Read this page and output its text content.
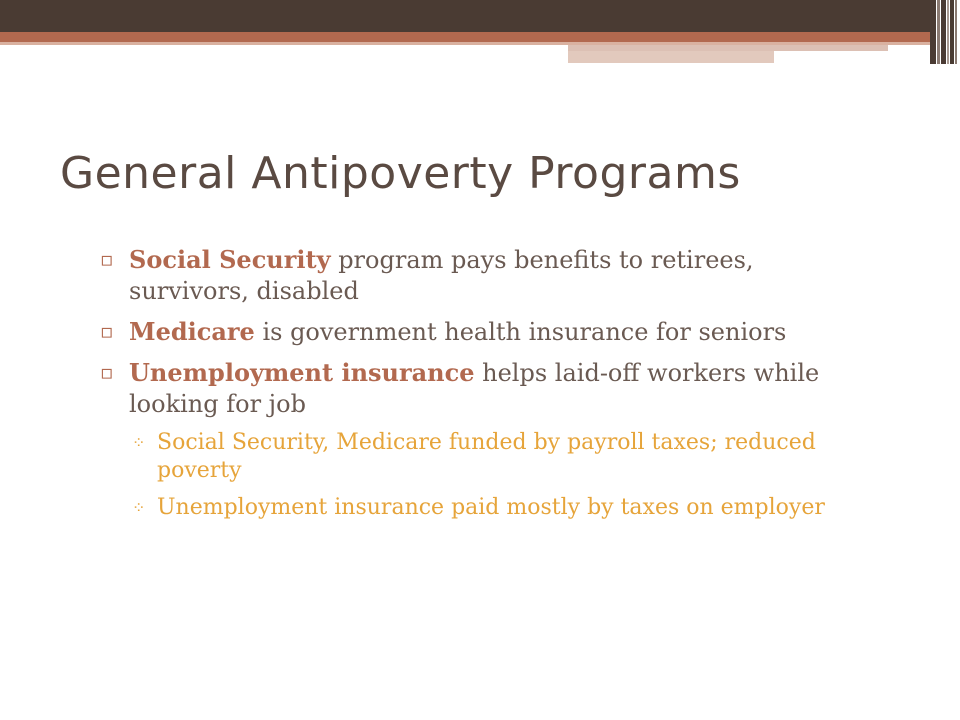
General Antipoverty Programs
▫ Social Security program pays benefits to retirees, survivors, disabled
▫ Medicare is government health insurance for seniors
▫ Unemployment insurance helps laid-off workers while looking for job
⁘ Social Security, Medicare funded by payroll taxes; reduced poverty
⁘ Unemployment insurance paid mostly by taxes on employer
